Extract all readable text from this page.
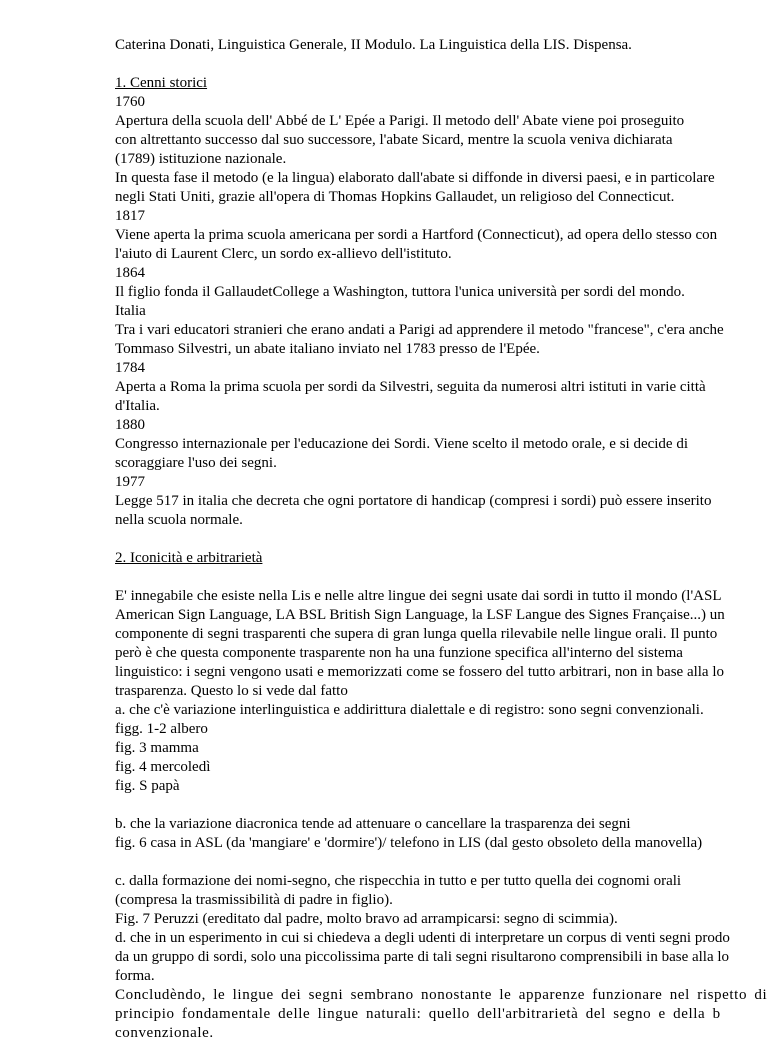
Caterina Donati, Linguistica Generale, II Modulo. La Linguistica della LIS. Dispensa.
1. Cenni storici
1760
Apertura della scuola dell' Abbé de L' Epée a Parigi. Il metodo dell' Abate viene poi proseguito
con altrettanto successo dal suo successore, l'abate Sicard, mentre la scuola veniva dichiarata
(1789) istituzione nazionale.
In questa fase il metodo (e la lingua) elaborato dall'abate si diffonde in diversi paesi, e in particolare
negli Stati Uniti, grazie all'opera di Thomas Hopkins Gallaudet, un religioso del Connecticut.
1817
Viene aperta la prima scuola americana per sordi a Hartford (Connecticut), ad opera dello stesso con
l'aiuto di Laurent Clerc, un sordo ex-allievo dell'istituto.
1864
Il figlio fonda il GallaudetCollege a Washington, tuttora l'unica università per sordi del mondo.
Italia
Tra i vari educatori stranieri che erano andati a Parigi ad apprendere il metodo "francese", c'era anche
Tommaso Silvestri, un abate italiano inviato nel 1783 presso de l'Epée.
1784
Aperta a Roma la prima scuola per sordi da Silvestri, seguita da numerosi altri istituti in varie città
d'Italia.
1880
Congresso internazionale per l'educazione dei Sordi. Viene scelto il metodo orale, e si decide di
scoraggiare l'uso dei segni.
1977
Legge 517 in italia che decreta che ogni portatore di handicap (compresi i sordi) può essere inserito
nella scuola normale.
2. Iconicità e arbitrarietà
E' innegabile che esiste nella Lis e nelle altre lingue dei segni usate dai sordi in tutto il mondo (l'ASL
American Sign Language, LA BSL British Sign Language, la LSF Langue des Signes Française...) un
componente di segni trasparenti che supera di gran lunga quella rilevabile nelle lingue orali. Il punto
però è che questa componente trasparente non ha una funzione specifica all'interno del sistema
linguistico: i segni vengono usati e memorizzati come se fossero del tutto arbitrari, non in base alla lo
trasparenza. Questo lo si vede dal fatto
a. che c'è variazione interlinguistica e addirittura dialettale e di registro: sono segni convenzionali.
figg. 1-2 albero
fig. 3 mamma
fig. 4 mercoledì
fig. S papà
b. che la variazione diacronica tende ad attenuare o cancellare la trasparenza dei segni
fig. 6 casa in ASL (da 'mangiare' e 'dormire')/ telefono in LIS (dal gesto obsoleto della manovella)
c. dalla formazione dei nomi-segno, che rispecchia in tutto e per tutto quella dei cognomi orali
(compresa la trasmissibilità di padre in figlio).
Fig. 7 Peruzzi (ereditato dal padre, molto bravo ad arrampicarsi: segno di scimmia).
d. che in un esperimento in cui si chiedeva a degli udenti di interpretare un corpus di venti segni prodo
da un gruppo di sordi, solo una piccolissima parte di tali segni risultarono comprensibili in base alla lo
forma.
Concludèndo, le lingue dei segni sembrano nonostante le apparenze funzionare nel rispetto di
principio fondamentale delle lingue naturali: quello dell'arbitrarietà del segno e della b
convenzionale.
